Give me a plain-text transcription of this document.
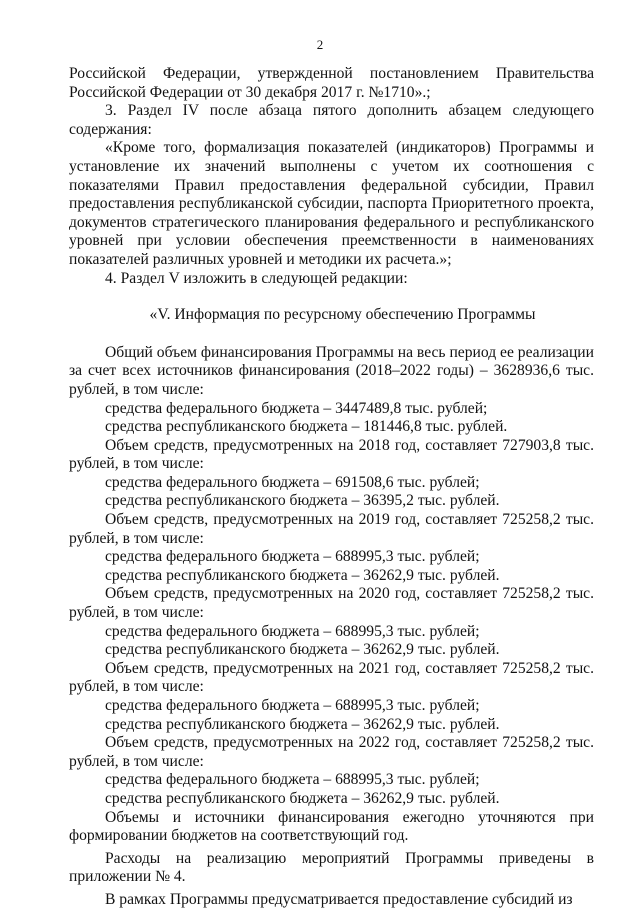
2

Российской Федерации, утвержденной постановлением Правительства Российской Федерации от 30 декабря 2017 г. №1710».;

3. Раздел IV после абзаца пятого дополнить абзацем следующего содержания:

«Кроме того, формализация показателей (индикаторов) Программы и установление их значений выполнены с учетом их соотношения с показателями Правил предоставления федеральной субсидии, Правил предоставления республиканской субсидии, паспорта Приоритетного проекта, документов стратегического планирования федерального и республиканского уровней при условии обеспечения преемственности в наименованиях показателей различных уровней и методики их расчета.»;

4. Раздел V изложить в следующей редакции:

«V. Информация по ресурсному обеспечению Программы

Общий объем финансирования Программы на весь период ее реализации за счет всех источников финансирования (2018–2022 годы) – 3628936,6 тыс. рублей, в том числе:

средства федерального бюджета – 3447489,8 тыс. рублей;

средства республиканского бюджета – 181446,8 тыс. рублей.

Объем средств, предусмотренных на 2018 год, составляет 727903,8 тыс. рублей, в том числе:

средства федерального бюджета – 691508,6 тыс. рублей;

средства республиканского бюджета – 36395,2 тыс. рублей.

Объем средств, предусмотренных на 2019 год, составляет 725258,2 тыс. рублей, в том числе:

средства федерального бюджета – 688995,3 тыс. рублей;

средства республиканского бюджета – 36262,9 тыс. рублей.

Объем средств, предусмотренных на 2020 год, составляет 725258,2 тыс. рублей, в том числе:

средства федерального бюджета – 688995,3 тыс. рублей;

средства республиканского бюджета – 36262,9 тыс. рублей.

Объем средств, предусмотренных на 2021 год, составляет 725258,2 тыс. рублей, в том числе:

средства федерального бюджета – 688995,3 тыс. рублей;

средства республиканского бюджета – 36262,9 тыс. рублей.

Объем средств, предусмотренных на 2022 год, составляет 725258,2 тыс. рублей, в том числе:

средства федерального бюджета – 688995,3 тыс. рублей;

средства республиканского бюджета – 36262,9 тыс. рублей.

Объемы и источники финансирования ежегодно уточняются при формировании бюджетов на соответствующий год.

Расходы на реализацию мероприятий Программы приведены в приложении № 4.

В рамках Программы предусматривается предоставление субсидий из
